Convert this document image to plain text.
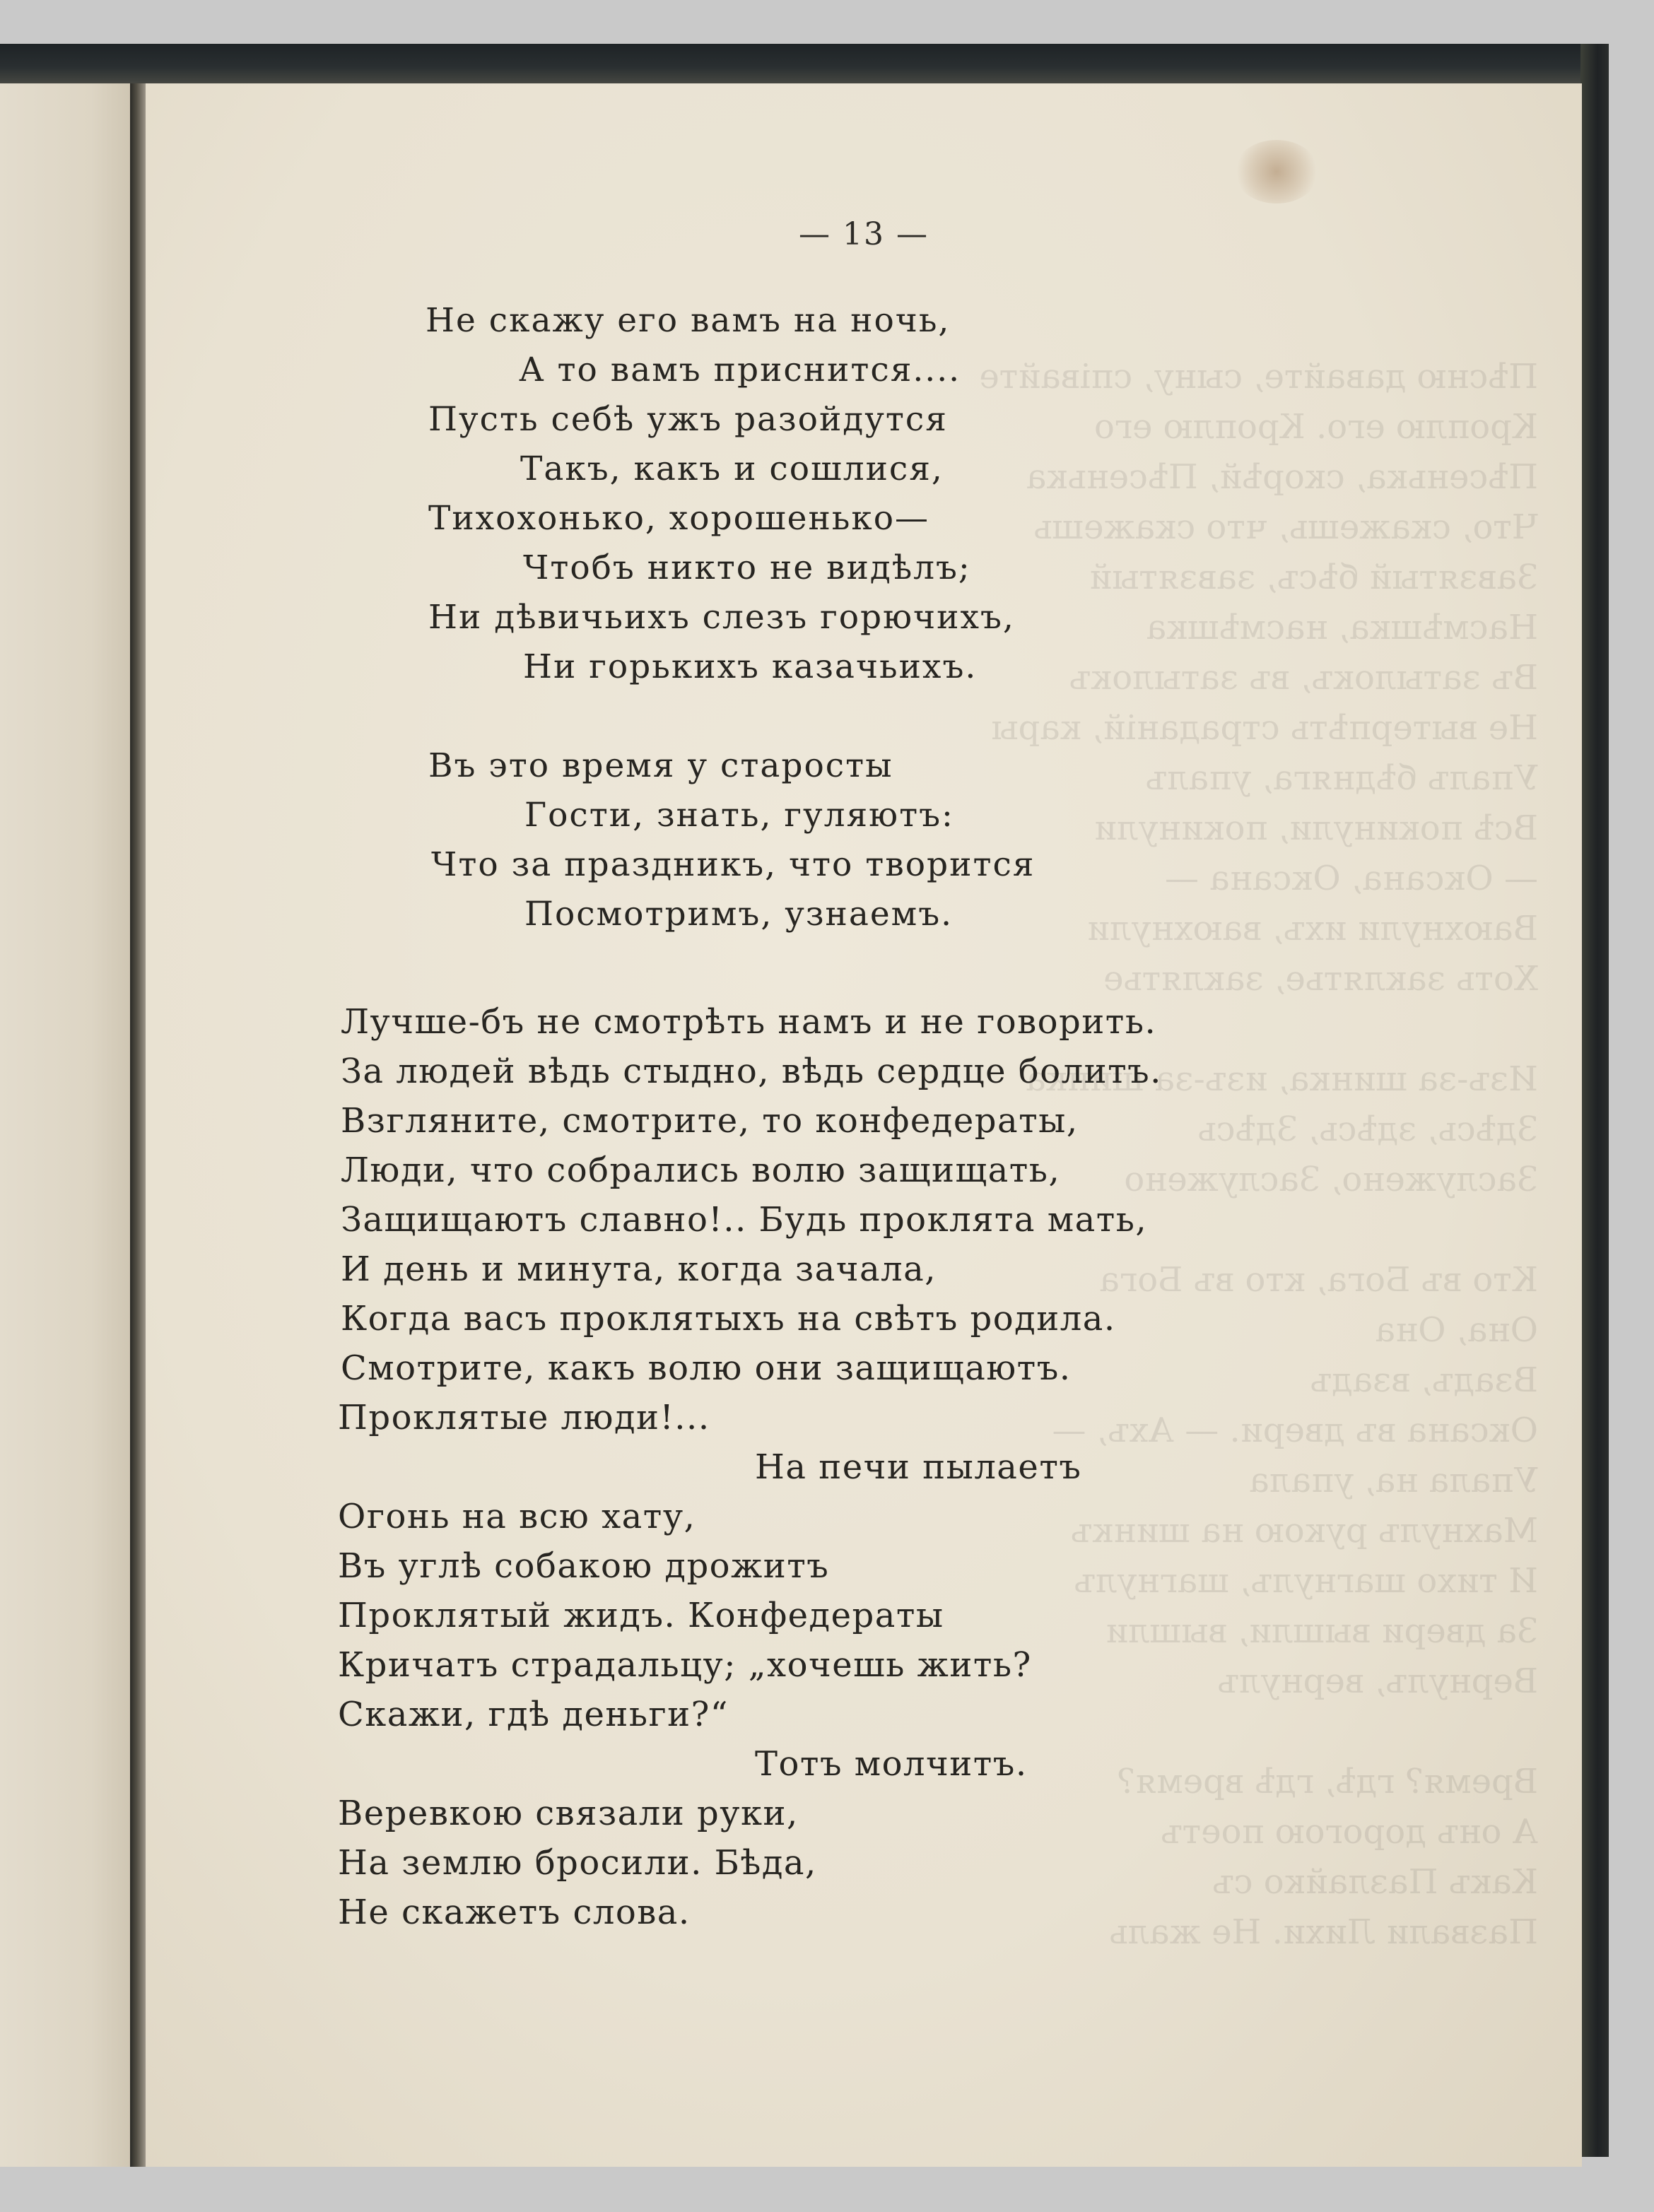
Пѣсню давайте, сыну, співайте
Кроплю его. Кроплю его
Пѣсенька, скорѣй, Пѣсенька
Что, скажешь, что скажешь
Завзятый бѣсъ, завзятый
Насмѣшка, насмѣшка
Въ затылокъ, въ затылокъ
Не вытерпѣть страданій, кары
Упалъ бѣдняга, упалъ
Всѣ покинули, покинули
— Оксана, Оксана —
Ваюхнули ихъ, ваюхнули
Хоть заклятье, заклятье

Изъ-за шинка, изъ-за шинка
Здѣсь, здѣсь, Здѣсь
Заслужено, Заслужено

Кто въ Бога, кто въ Бога
Она, Она
Взадъ, взадъ
Оксана въ двери. — Ахъ, —
Упала на, упала
Махнулъ рукою на шинкъ
И тихо шагнулъ, шагнулъ
За двери вышли, вышли
Вернулъ, вернулъ

Время? гдѣ, гдѣ время?
А онъ дорогою поетъ
Какъ Пазлайко съ
Пазвали Лихи. Не жаль
— 13 —
Не скажу его вамъ на ночь,
А то вамъ приснится....
Пусть себѣ ужъ разойдутся
Такъ, какъ и сошлися,
Тихохонько, хорошенько—
Чтобъ никто не видѣлъ;
Ни дѣвичьихъ слезъ горючихъ,
Ни горькихъ казачьихъ.
Въ это время у старосты
Гости, знать, гуляютъ:
Что за праздникъ, что творится
Посмотримъ, узнаемъ.
Лучше-бъ не смотрѣть намъ и не говорить.
За людей вѣдь стыдно, вѣдь сердце болитъ.
Взгляните, смотрите, то конфедераты,
Люди, что собрались волю защищать,
Защищаютъ славно!.. Будь проклята мать,
И день и минута, когда зачала,
Когда васъ проклятыхъ на свѣтъ родила.
Смотрите, какъ волю они защищаютъ.
Проклятые люди!...
На печи пылаетъ
Огонь на всю хату,
Въ углѣ собакою дрожитъ
Проклятый жидъ. Конфедераты
Кричатъ страдальцу; „хочешь жить?
Скажи, гдѣ деньги?“
Тотъ молчитъ.
Веревкою связали руки,
На землю бросили. Бѣда,
Не скажетъ слова.
